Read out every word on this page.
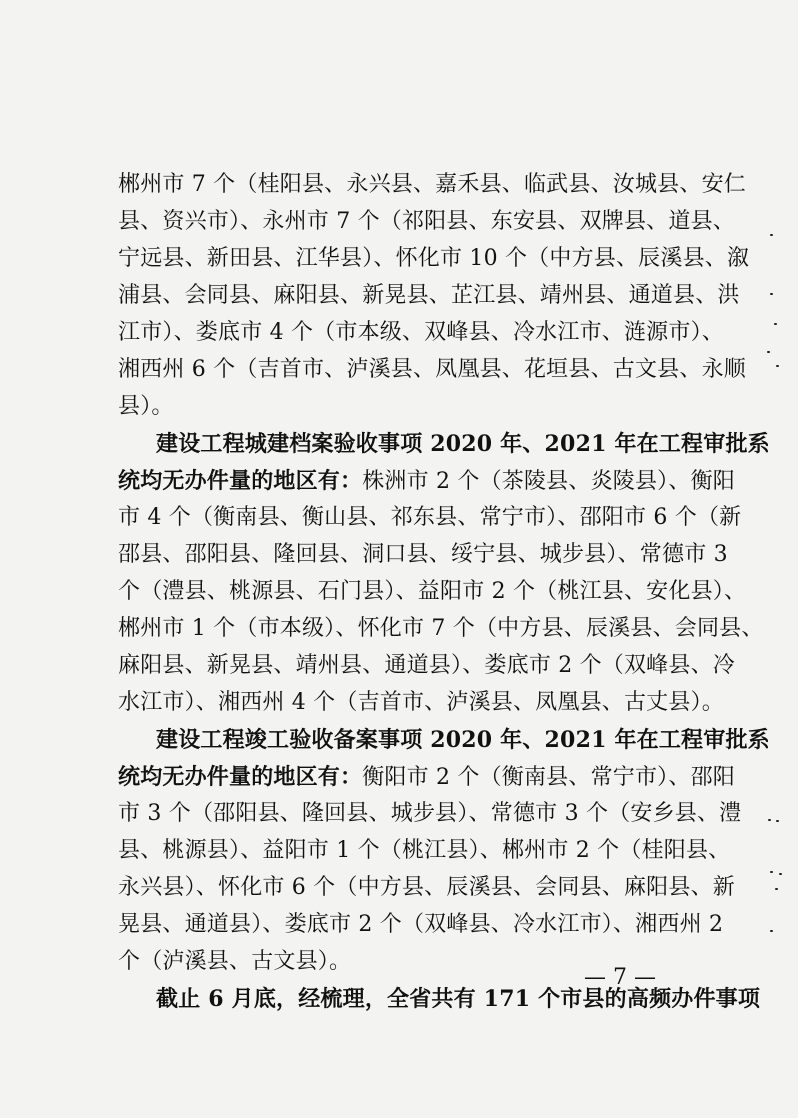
郴州市 7 个（桂阳县、永兴县、嘉禾县、临武县、汝城县、安仁
县、资兴市）、永州市 7 个（祁阳县、东安县、双牌县、道县、
宁远县、新田县、江华县）、怀化市 10 个（中方县、辰溪县、溆
浦县、会同县、麻阳县、新晃县、芷江县、靖州县、通道县、洪
江市）、娄底市 4 个（市本级、双峰县、冷水江市、涟源市）、
湘西州 6 个（吉首市、泸溪县、凤凰县、花垣县、古文县、永顺
县）。
建设工程城建档案验收事项 2020 年、2021 年在工程审批系
统均无办件量的地区有：株洲市 2 个（茶陵县、炎陵县）、衡阳
市 4 个（衡南县、衡山县、祁东县、常宁市）、邵阳市 6 个（新
邵县、邵阳县、隆回县、洞口县、绥宁县、城步县）、常德市 3
个（澧县、桃源县、石门县）、益阳市 2 个（桃江县、安化县）、
郴州市 1 个（市本级）、怀化市 7 个（中方县、辰溪县、会同县、
麻阳县、新晃县、靖州县、通道县）、娄底市 2 个（双峰县、冷
水江市）、湘西州 4 个（吉首市、泸溪县、凤凰县、古丈县）。
建设工程竣工验收备案事项 2020 年、2021 年在工程审批系
统均无办件量的地区有：衡阳市 2 个（衡南县、常宁市）、邵阳
市 3 个（邵阳县、隆回县、城步县）、常德市 3 个（安乡县、澧
县、桃源县）、益阳市 1 个（桃江县）、郴州市 2 个（桂阳县、
永兴县）、怀化市 6 个（中方县、辰溪县、会同县、麻阳县、新
晃县、通道县）、娄底市 2 个（双峰县、冷水江市）、湘西州 2
个（泸溪县、古文县）。
截止 6 月底，经梳理，全省共有 171 个市县的高频办件事项
— 7 —
